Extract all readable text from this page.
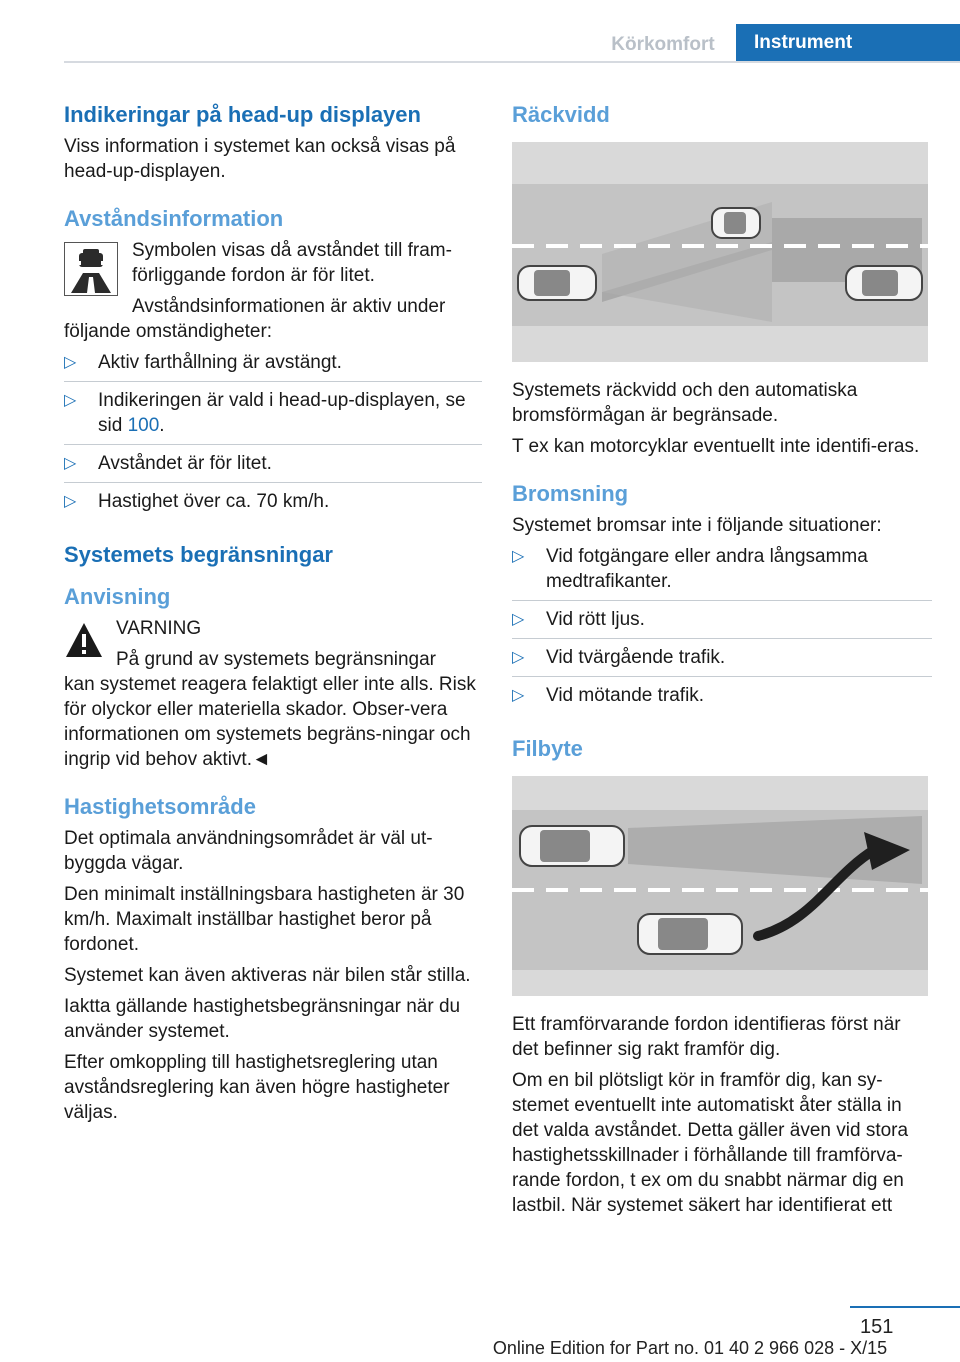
Körkomfort	Instrument
Indikeringar på head-up displayen
Viss information i systemet kan också visas på head-up-displayen.
Avståndsinformation
Symbolen visas då avståndet till fram-förliggande fordon är för litet.
Avståndsinformationen är aktiv under
följande omständigheter:
▷ Aktiv farthållning är avstängt.
▷ Indikeringen är vald i head-up-displayen, se sid 100.
▷ Avståndet är för litet.
▷ Hastighet över ca. 70 km/h.
Systemets begränsningar
Anvisning
VARNING
På grund av systemets begränsningar
kan systemet reagera felaktigt eller inte alls. Risk för olyckor eller materiella skador. Obser-vera informationen om systemets begräns-ningar och ingrip vid behov aktivt.◄
Hastighetsområde
Det optimala användningsområdet är väl ut-byggda vägar.
Den minimalt inställningsbara hastigheten är 30 km/h. Maximalt inställbar hastighet beror på fordonet.
Systemet kan även aktiveras när bilen står stilla.
Iaktta gällande hastighetsbegränsningar när du använder systemet.
Efter omkoppling till hastighetsreglering utan avståndsreglering kan även högre hastigheter väljas.
Räckvidd
Systemets räckvidd och den automatiska bromsförmågan är begränsade.
T ex kan motorcyklar eventuellt inte identifi-eras.
Bromsning
Systemet bromsar inte i följande situationer:
▷ Vid fotgängare eller andra långsamma medtrafikanter.
▷ Vid rött ljus.
▷ Vid tvärgående trafik.
▷ Vid mötande trafik.
Filbyte
Ett framförvarande fordon identifieras först när det befinner sig rakt framför dig.
Om en bil plötsligt kör in framför dig, kan sy-stemet eventuellt inte automatiskt åter ställa in det valda avståndet. Detta gäller även vid stora hastighetsskillnader i förhållande till framförva-rande fordon, t ex om du snabbt närmar dig en lastbil. När systemet säkert har identifierat ett
151
Online Edition for Part no. 01 40 2 966 028 - X/15
